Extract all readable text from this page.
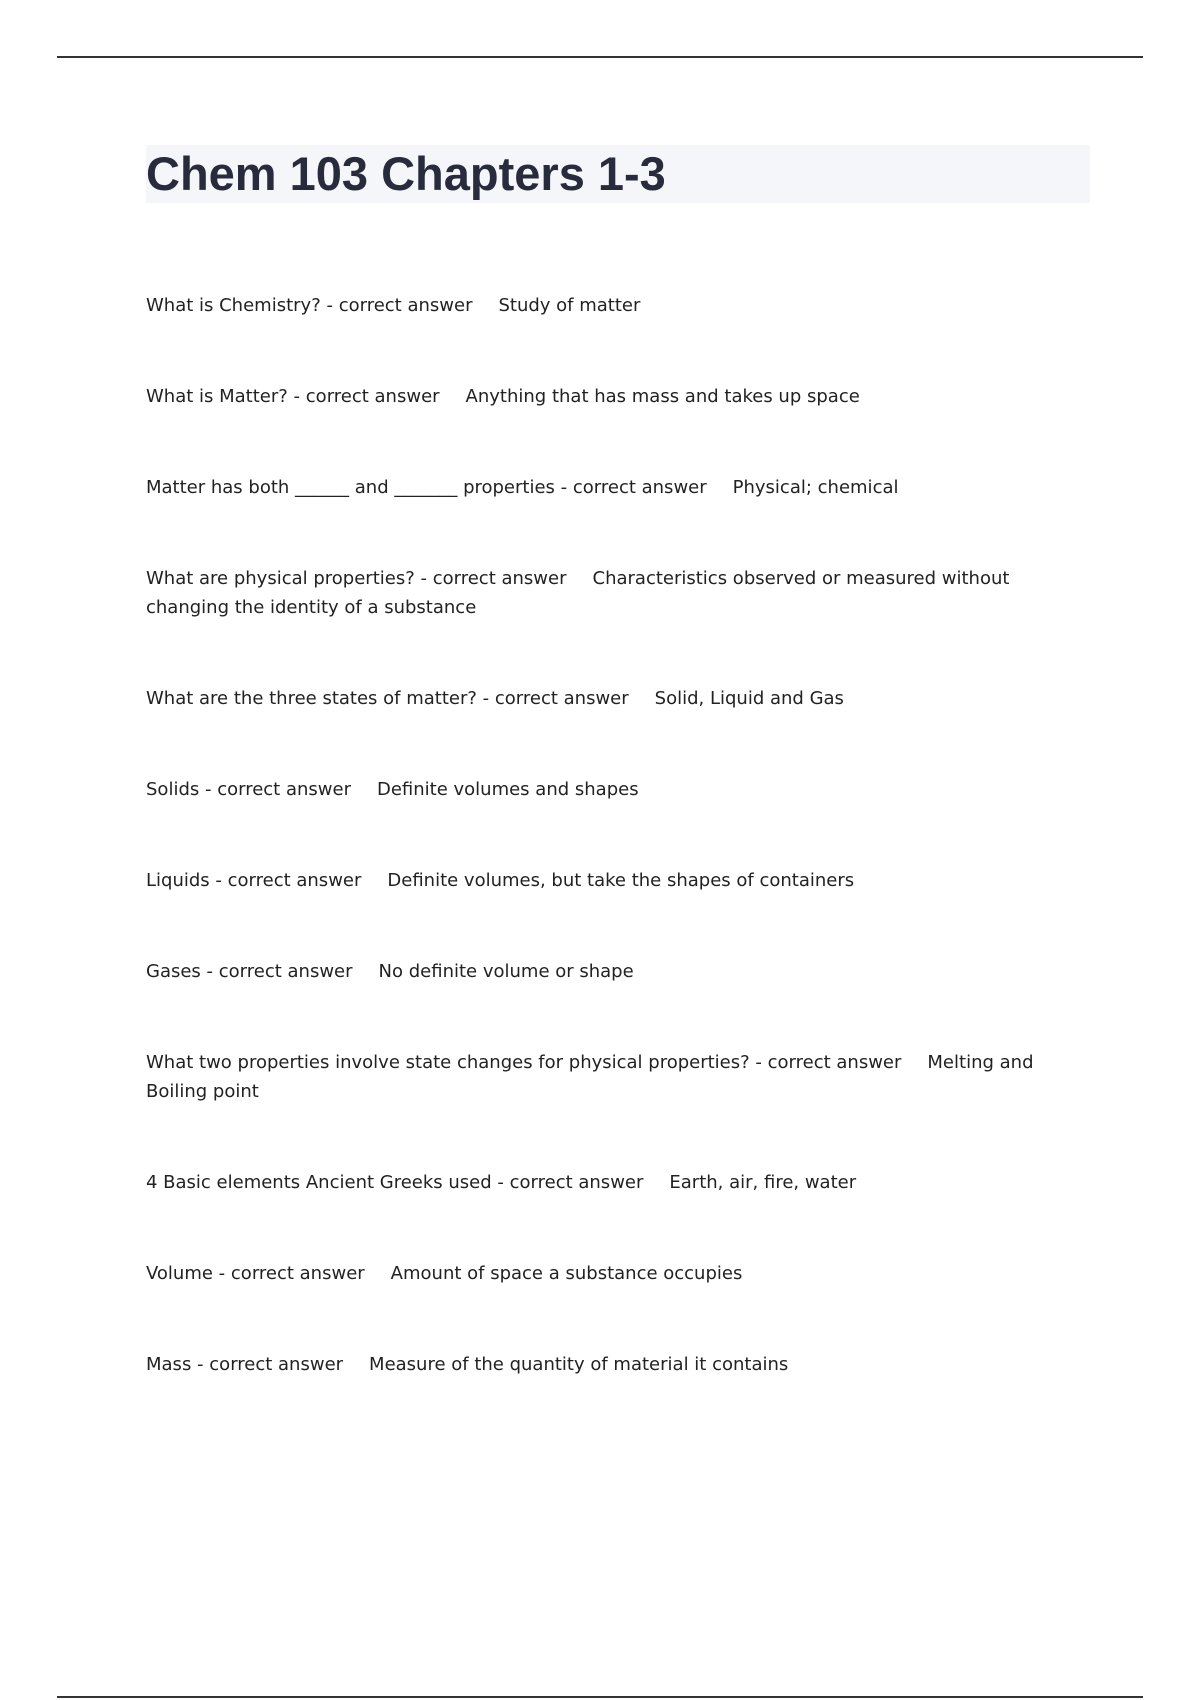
Chem 103 Chapters 1-3
What is Chemistry? - correct answer Study of matter
What is Matter? - correct answer Anything that has mass and takes up space
Matter has both ______ and _______ properties - correct answer Physical; chemical
What are physical properties? - correct answer Characteristics observed or measured without changing the identity of a substance
What are the three states of matter? - correct answer Solid, Liquid and Gas
Solids - correct answer Definite volumes and shapes
Liquids - correct answer Definite volumes, but take the shapes of containers
Gases - correct answer No definite volume or shape
What two properties involve state changes for physical properties? - correct answer Melting and Boiling point
4 Basic elements Ancient Greeks used - correct answer Earth, air, fire, water
Volume - correct answer Amount of space a substance occupies
Mass - correct answer Measure of the quantity of material it contains
